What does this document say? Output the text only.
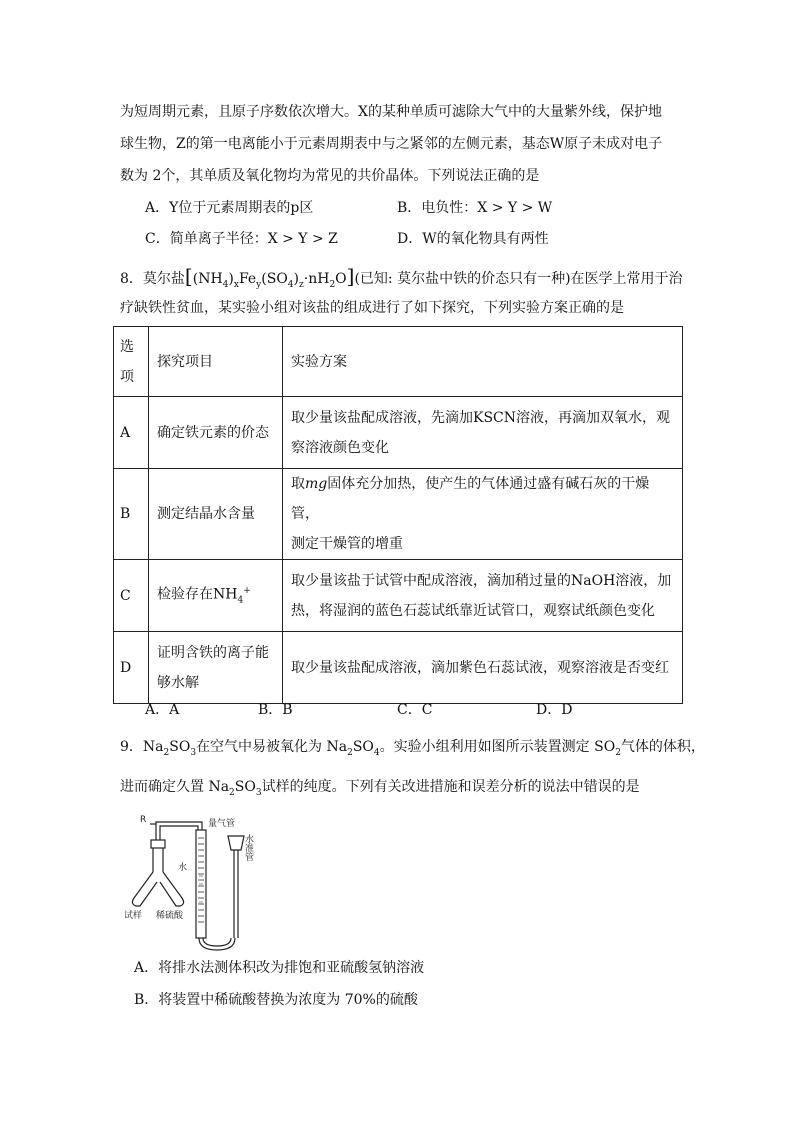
为短周期元素，且原子序数依次增大。X的某种单质可滤除大气中的大量紫外线，保护地
球生物，Z的第一电离能小于元素周期表中与之紧邻的左侧元素，基态W原子未成对电子
数为 2个，其单质及氧化物均为常见的共价晶体。下列说法正确的是
A．Y位于元素周期表的p区	B．电负性：X > Y > W
C．简单离子半径：X > Y > Z	D．W的氧化物具有两性
8．莫尔盐$[(NH_4)_xFe_y(SO_4)_z\cdot nH_2O]$(已知: 莫尔盐中铁的价态只有一种)在医学上常用于治
疗缺铁性贫血，某实验小组对该盐的组成进行了如下探究，下列实验方案正确的是
选
项	探究项目	实验方案
A	确定铁元素的价态	取少量该盐配成溶液，先滴加KSCN溶液，再滴加双氧水，观
察溶液颜色变化
B	测定结晶水含量	取mg固体充分加热，使产生的气体通过盛有碱石灰的干燥管，
测定干燥管的增重
C	检验存在$NH_4^+$	取少量该盐于试管中配成溶液，滴加稍过量的NaOH溶液，加
热，将湿润的蓝色石蕊试纸靠近试管口，观察试纸颜色变化
D	证明含铁的离子能
够水解	取少量该盐配成溶液，滴加紫色石蕊试液，观察溶液是否变红
A．A	B．B	C．C	D．D
9．$Na_2SO_3$在空气中易被氧化为 $Na_2SO_4$。实验小组利用如图所示装置测定 $SO_2$气体的体积，
进而确定久置 $Na_2SO_3$试样的纯度。下列有关改进措施和误差分析的说法中错误的是
R	量气管
水
水准管
试样 稀硫酸
A．将排水法测体积改为排饱和亚硫酸氢钠溶液
B．将装置中稀硫酸替换为浓度为 70%的硫酸
